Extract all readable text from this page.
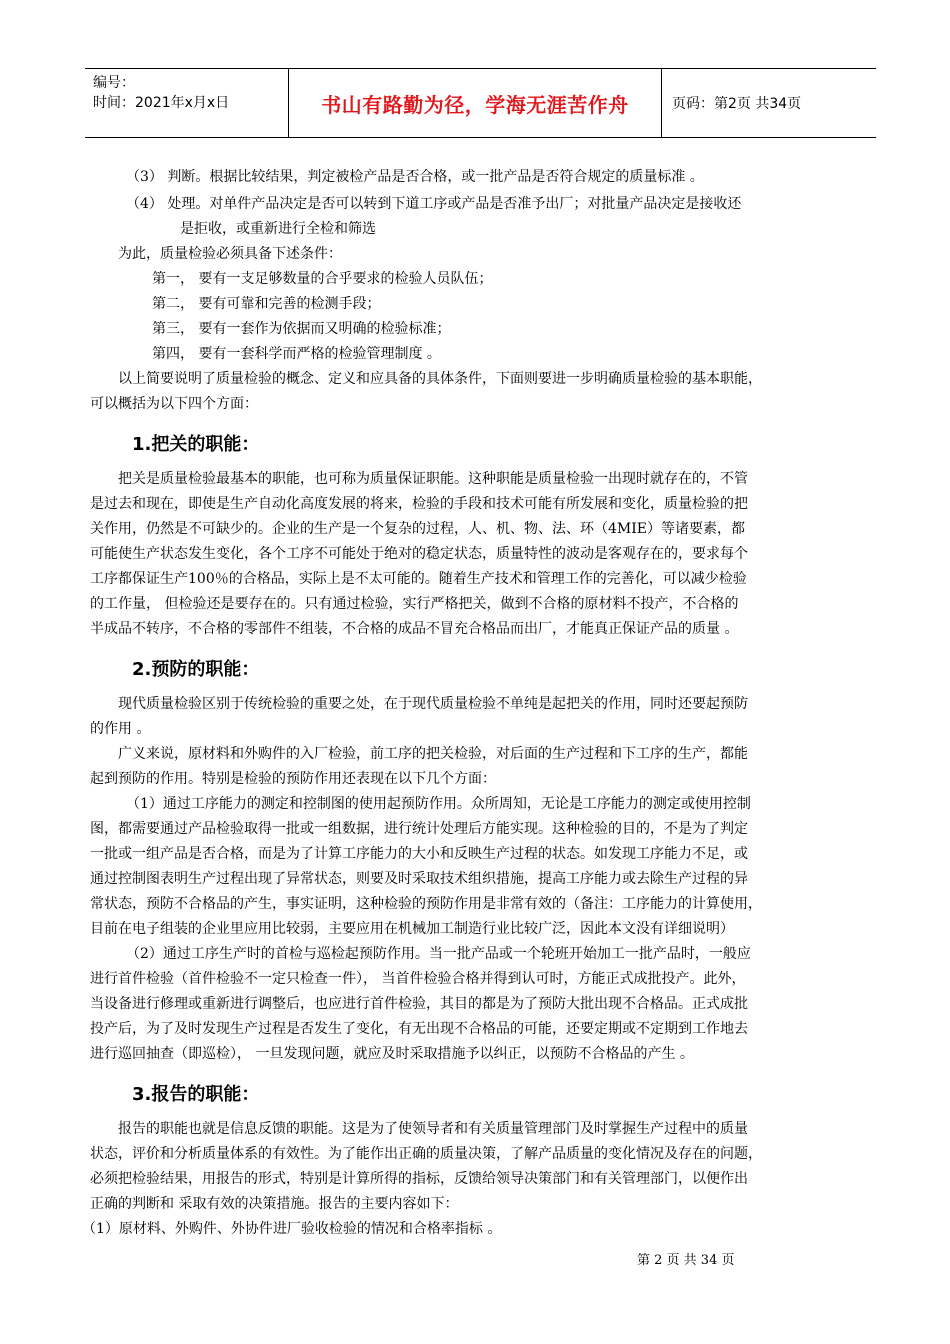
编号：
时间：2021年x月x日	书山有路勤为径，学海无涯苦作舟	页码：第2页 共34页
（3） 判断。根据比较结果，判定被检产品是否合格，或一批产品是否符合规定的质量标准 。
（4） 处理。对单件产品决定是否可以转到下道工序或产品是否准予出厂；对批量产品决定是接收还
是拒收，或重新进行全检和筛选
为此，质量检验必须具备下述条件：
第一， 要有一支足够数量的合乎要求的检验人员队伍；
第二， 要有可靠和完善的检测手段；
第三， 要有一套作为依据而又明确的检验标准；
第四， 要有一套科学而严格的检验管理制度 。
以上简要说明了质量检验的概念、定义和应具备的具体条件，下面则要进一步明确质量检验的基本职能，
可以概括为以下四个方面：
1.把关的职能：
把关是质量检验最基本的职能，也可称为质量保证职能。这种职能是质量检验一出现时就存在的，不管
是过去和现在，即使是生产自动化高度发展的将来，检验的手段和技术可能有所发展和变化，质量检验的把
关作用，仍然是不可缺少的。企业的生产是一个复杂的过程，人、机、物、法、环（4MIE）等诸要素，都
可能使生产状态发生变化，各个工序不可能处于绝对的稳定状态，质量特性的波动是客观存在的，要求每个
工序都保证生产100％的合格品，实际上是不太可能的。随着生产技术和管理工作的完善化，可以减少检验
的工作量， 但检验还是要存在的。只有通过检验，实行严格把关，做到不合格的原材料不投产，不合格的
半成品不转序，不合格的零部件不组装，不合格的成品不冒充合格品而出厂，才能真正保证产品的质量 。
2.预防的职能：
现代质量检验区别于传统检验的重要之处，在于现代质量检验不单纯是起把关的作用，同时还要起预防
的作用 。
广义来说，原材料和外购件的入厂检验，前工序的把关检验，对后面的生产过程和下工序的生产，都能
起到预防的作用。特别是检验的预防作用还表现在以下几个方面：
（1）通过工序能力的测定和控制图的使用起预防作用。众所周知，无论是工序能力的测定或使用控制
图，都需要通过产品检验取得一批或一组数据，进行统计处理后方能实现。这种检验的目的，不是为了判定
一批或一组产品是否合格，而是为了计算工序能力的大小和反映生产过程的状态。如发现工序能力不足，或
通过控制图表明生产过程出现了异常状态，则要及时采取技术组织措施，提高工序能力或去除生产过程的异
常状态，预防不合格品的产生，事实证明，这种检验的预防作用是非常有效的（备注：工序能力的计算使用，
目前在电子组装的企业里应用比较弱，主要应用在机械加工制造行业比较广泛，因此本文没有详细说明）
（2）通过工序生产时的首检与巡检起预防作用。当一批产品或一个轮班开始加工一批产品时，一般应
进行首件检验（首件检验不一定只检查一件）， 当首件检验合格并得到认可时，方能正式成批投产。此外，
当设备进行修理或重新进行调整后，也应进行首件检验，其目的都是为了预防大批出现不合格品。正式成批
投产后，为了及时发现生产过程是否发生了变化，有无出现不合格品的可能，还要定期或不定期到工作地去
进行巡回抽查（即巡检）， 一旦发现问题，就应及时采取措施予以纠正，以预防不合格品的产生 。
3.报告的职能：
报告的职能也就是信息反馈的职能。这是为了使领导者和有关质量管理部门及时掌握生产过程中的质量
状态，评价和分析质量体系的有效性。为了能作出正确的质量决策，了解产品质量的变化情况及存在的问题，
必须把检验结果，用报告的形式，特别是计算所得的指标，反馈给领导决策部门和有关管理部门，以便作出
正确的判断和 采取有效的决策措施。报告的主要内容如下：
（1）原材料、外购件、外协件进厂验收检验的情况和合格率指标 。
第 2 页 共 34 页
